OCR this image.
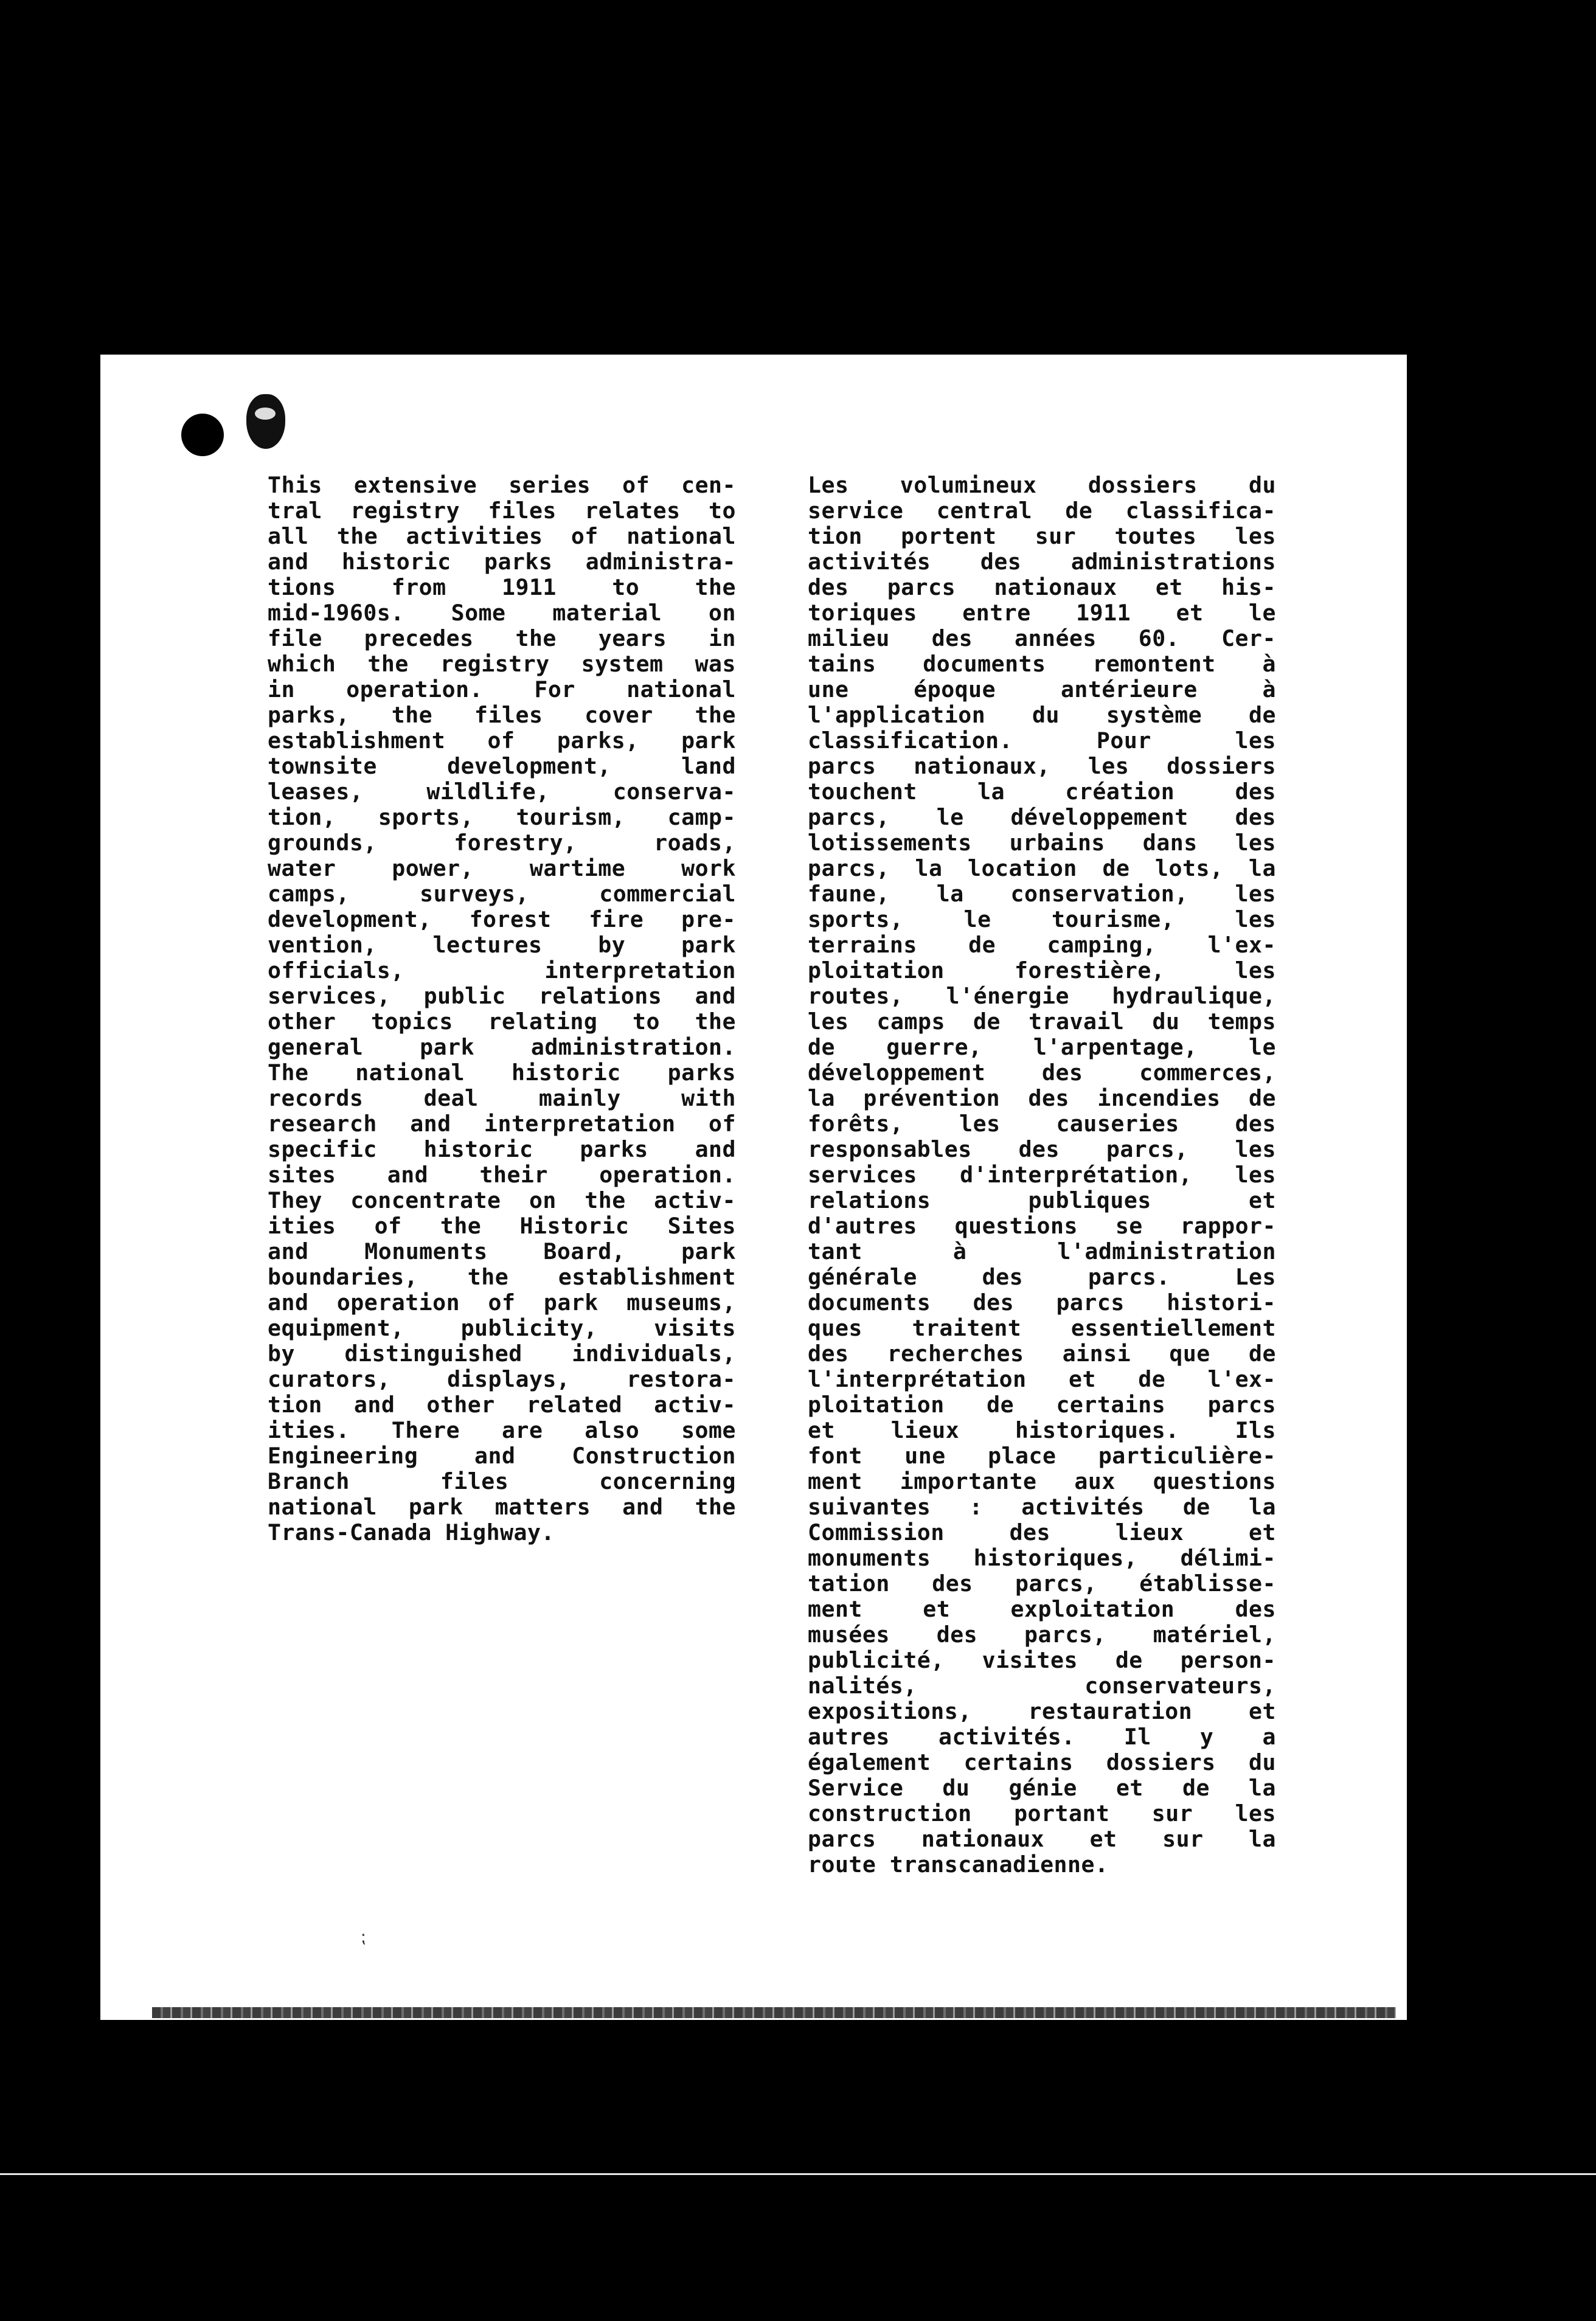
This extensive series of cen-
tral registry files relates to
all the activities of national
and historic parks administra-
tions from 1911 to the
mid-1960s. Some material on
file precedes the years in
which the registry system was
in operation. For national
parks, the files cover the
establishment of parks, park
townsite development, land
leases, wildlife, conserva-
tion, sports, tourism, camp-
grounds, forestry, roads,
water power, wartime work
camps, surveys, commercial
development, forest fire pre-
vention, lectures by park
officials, interpretation
services, public relations and
other topics relating to the
general park administration.
The national historic parks
records deal mainly with
research and interpretation of
specific historic parks and
sites and their operation.
They concentrate on the activ-
ities of the Historic Sites
and Monuments Board, park
boundaries, the establishment
and operation of park museums,
equipment, publicity, visits
by distinguished individuals,
curators, displays, restora-
tion and other related activ-
ities. There are also some
Engineering and Construction
Branch files concerning
national park matters and the
Trans-Canada Highway.
Les volumineux dossiers du
service central de classifica-
tion portent sur toutes les
activités des administrations
des parcs nationaux et his-
toriques entre 1911 et le
milieu des années 60. Cer-
tains documents remontent à
une époque antérieure à
l'application du système de
classification. Pour les
parcs nationaux, les dossiers
touchent la création des
parcs, le développement des
lotissements urbains dans les
parcs, la location de lots, la
faune, la conservation, les
sports, le tourisme, les
terrains de camping, l'ex-
ploitation forestière, les
routes, l'énergie hydraulique,
les camps de travail du temps
de guerre, l'arpentage, le
développement des commerces,
la prévention des incendies de
forêts, les causeries des
responsables des parcs, les
services d'interprétation, les
relations publiques et
d'autres questions se rappor-
tant à l'administration
générale des parcs. Les
documents des parcs histori-
ques traitent essentiellement
des recherches ainsi que de
l'interprétation et de l'ex-
ploitation de certains parcs
et lieux historiques. Ils
font une place particulière-
ment importante aux questions
suivantes : activités de la
Commission des lieux et
monuments historiques, délimi-
tation des parcs, établisse-
ment et exploitation des
musées des parcs, matériel,
publicité, visites de person-
nalités, conservateurs,
expositions, restauration et
autres activités. Il y a
également certains dossiers du
Service du génie et de la
construction portant sur les
parcs nationaux et sur la
route transcanadienne.
⁏
